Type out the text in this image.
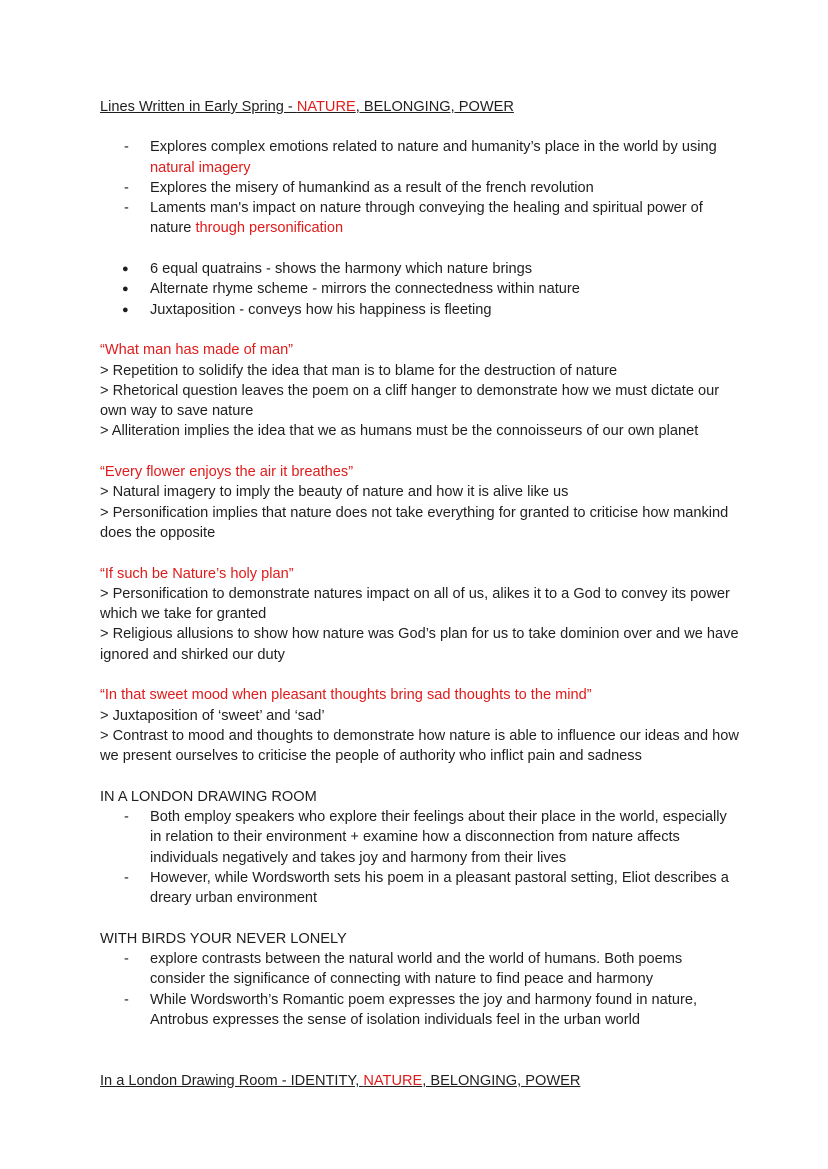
Lines Written in Early Spring - NATURE, BELONGING, POWER

- Explores complex emotions related to nature and humanity’s place in the world by using natural imagery
- Explores the misery of humankind as a result of the french revolution
- Laments man's impact on nature through conveying the healing and spiritual power of nature through personification
● 6 equal quatrains - shows the harmony which nature brings
● Alternate rhyme scheme - mirrors the connectedness within nature
● Juxtaposition - conveys how his happiness is fleeting

“What man has made of man”

> Repetition to solidify the idea that man is to blame for the destruction of nature

> Rhetorical question leaves the poem on a cliff hanger to demonstrate how we must dictate our own way to save nature

> Alliteration implies the idea that we as humans must be the connoisseurs of our own planet

“Every flower enjoys the air it breathes”

> Natural imagery to imply the beauty of nature and how it is alive like us

> Personification implies that nature does not take everything for granted to criticise how mankind does the opposite

“If such be Nature’s holy plan”

> Personification to demonstrate natures impact on all of us, alikes it to a God to convey its power which we take for granted

> Religious allusions to show how nature was God’s plan for us to take dominion over and we have ignored and shirked our duty

“In that sweet mood when pleasant thoughts bring sad thoughts to the mind”

> Juxtaposition of ‘sweet’ and ‘sad’

> Contrast to mood and thoughts to demonstrate how nature is able to influence our ideas and how we present ourselves to criticise the people of authority who inflict pain and sadness

IN A LONDON DRAWING ROOM

- Both employ speakers who explore their feelings about their place in the world, especially in relation to their environment + examine how a disconnection from nature affects individuals negatively and takes joy and harmony from their lives
- However, while Wordsworth sets his poem in a pleasant pastoral setting, Eliot describes a dreary urban environment

WITH BIRDS YOUR NEVER LONELY

- explore contrasts between the natural world and the world of humans. Both poems consider the significance of connecting with nature to find peace and harmony
- While Wordsworth’s Romantic poem expresses the joy and harmony found in nature, Antrobus expresses the sense of isolation individuals feel in the urban world

In a London Drawing Room - IDENTITY, NATURE, BELONGING, POWER
